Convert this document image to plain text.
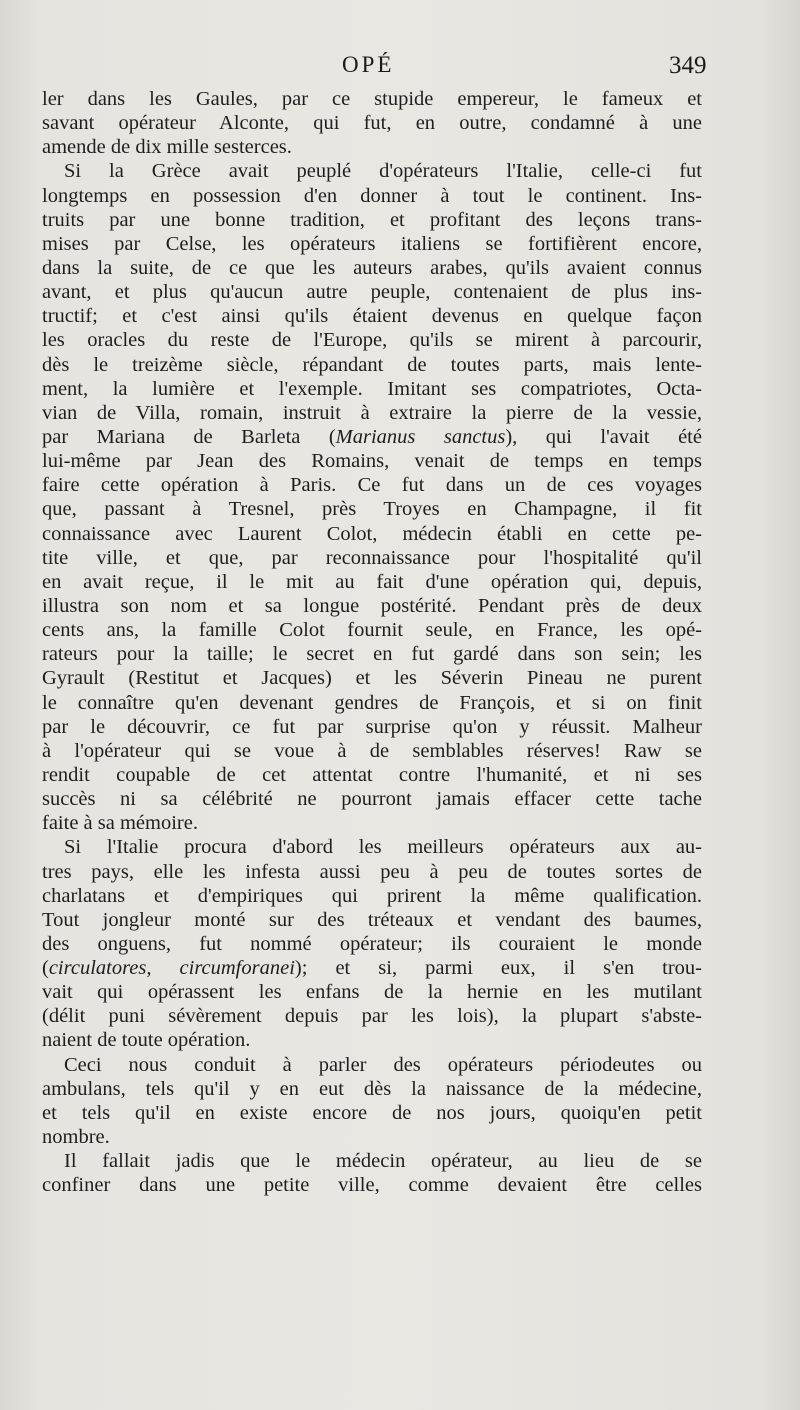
OPÉ	349
ler dans les Gaules, par ce stupide empereur, le fameux et
savant opérateur Alconte, qui fut, en outre, condamné à une
amende de dix mille sesterces.
Si la Grèce avait peuplé d'opérateurs l'Italie, celle-ci fut
longtemps en possession d'en donner à tout le continent. Ins-
truits par une bonne tradition, et profitant des leçons trans-
mises par Celse, les opérateurs italiens se fortifièrent encore,
dans la suite, de ce que les auteurs arabes, qu'ils avaient connus
avant, et plus qu'aucun autre peuple, contenaient de plus ins-
tructif; et c'est ainsi qu'ils étaient devenus en quelque façon
les oracles du reste de l'Europe, qu'ils se mirent à parcourir,
dès le treizème siècle, répandant de toutes parts, mais lente-
ment, la lumière et l'exemple. Imitant ses compatriotes, Octa-
vian de Villa, romain, instruit à extraire la pierre de la vessie,
par Mariana de Barleta (Marianus sanctus), qui l'avait été
lui-même par Jean des Romains, venait de temps en temps
faire cette opération à Paris. Ce fut dans un de ces voyages
que, passant à Tresnel, près Troyes en Champagne, il fit
connaissance avec Laurent Colot, médecin établi en cette pe-
tite ville, et que, par reconnaissance pour l'hospitalité qu'il
en avait reçue, il le mit au fait d'une opération qui, depuis,
illustra son nom et sa longue postérité. Pendant près de deux
cents ans, la famille Colot fournit seule, en France, les opé-
rateurs pour la taille; le secret en fut gardé dans son sein; les
Gyrault (Restitut et Jacques) et les Séverin Pineau ne purent
le connaître qu'en devenant gendres de François, et si on finit
par le découvrir, ce fut par surprise qu'on y réussit. Malheur
à l'opérateur qui se voue à de semblables réserves! Raw se
rendit coupable de cet attentat contre l'humanité, et ni ses
succès ni sa célébrité ne pourront jamais effacer cette tache
faite à sa mémoire.
Si l'Italie procura d'abord les meilleurs opérateurs aux au-
tres pays, elle les infesta aussi peu à peu de toutes sortes de
charlatans et d'empiriques qui prirent la même qualification.
Tout jongleur monté sur des tréteaux et vendant des baumes,
des onguens, fut nommé opérateur; ils couraient le monde
(circulatores, circumforanei); et si, parmi eux, il s'en trou-
vait qui opérassent les enfans de la hernie en les mutilant
(délit puni sévèrement depuis par les lois), la plupart s'abste-
naient de toute opération.
Ceci nous conduit à parler des opérateurs périodeutes ou
ambulans, tels qu'il y en eut dès la naissance de la médecine,
et tels qu'il en existe encore de nos jours, quoiqu'en petit
nombre.
Il fallait jadis que le médecin opérateur, au lieu de se
confiner dans une petite ville, comme devaient être celles
